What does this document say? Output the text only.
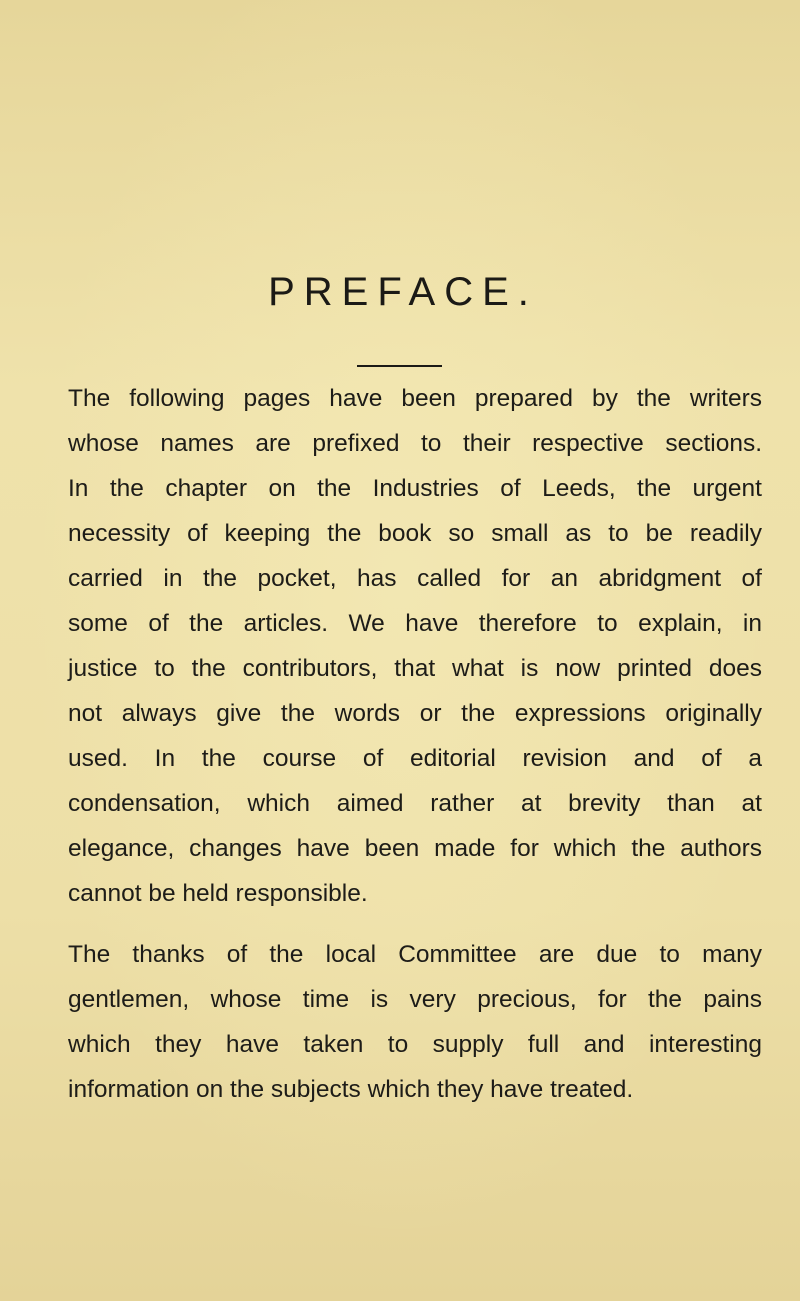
PREFACE.
The following pages have been prepared by the writers
whose names are prefixed to their respective sections.
In the chapter on the Industries of Leeds, the urgent
necessity of keeping the book so small as to be readily
carried in the pocket, has called for an abridgment of
some of the articles. We have therefore to explain, in
justice to the contributors, that what is now printed does
not always give the words or the expressions originally
used. In the course of editorial revision and of a
condensation, which aimed rather at brevity than at
elegance, changes have been made for which the authors
cannot be held responsible.
The thanks of the local Committee are due to many
gentlemen, whose time is very precious, for the pains
which they have taken to supply full and interesting
information on the subjects which they have treated.
